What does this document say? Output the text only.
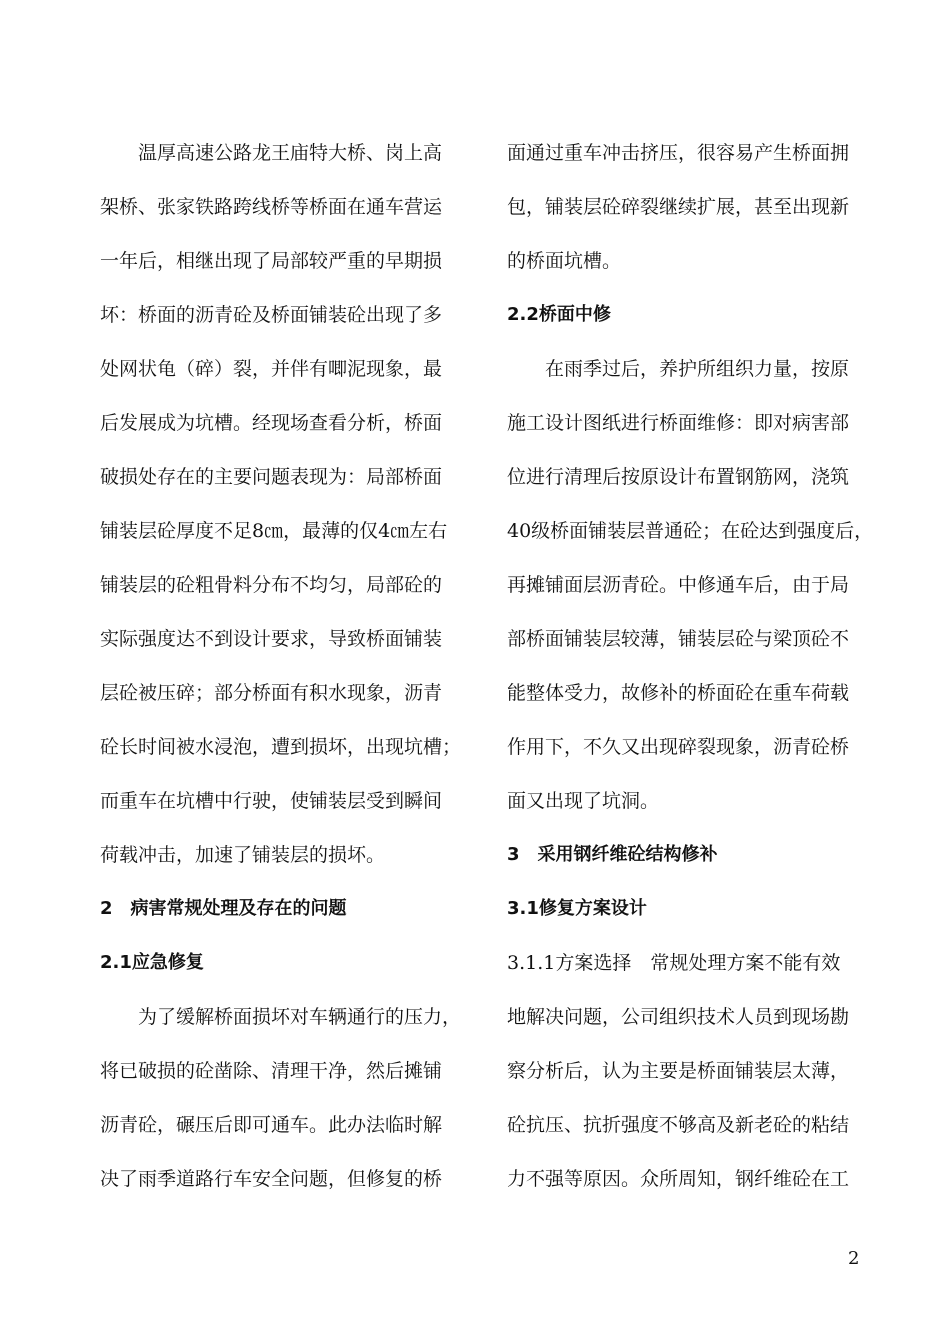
　　温厚高速公路龙王庙特大桥、岗上高
架桥、张家铁路跨线桥等桥面在通车营运
一年后，相继出现了局部较严重的早期损
坏：桥面的沥青砼及桥面铺装砼出现了多
处网状龟（碎）裂，并伴有唧泥现象，最
后发展成为坑槽。经现场查看分析，桥面
破损处存在的主要问题表现为：局部桥面
铺装层砼厚度不足8㎝，最薄的仅4㎝左右
铺装层的砼粗骨料分布不均匀，局部砼的
实际强度达不到设计要求，导致桥面铺装
层砼被压碎；部分桥面有积水现象，沥青
砼长时间被水浸泡，遭到损坏，出现坑槽；
而重车在坑槽中行驶，使铺装层受到瞬间
荷载冲击，加速了铺装层的损坏。
2　病害常规处理及存在的问题
2.1应急修复
　　为了缓解桥面损坏对车辆通行的压力，
将已破损的砼凿除、清理干净，然后摊铺
沥青砼，碾压后即可通车。此办法临时解
决了雨季道路行车安全问题，但修复的桥
面通过重车冲击挤压，很容易产生桥面拥
包，铺装层砼碎裂继续扩展，甚至出现新
的桥面坑槽。
2.2桥面中修
　　在雨季过后，养护所组织力量，按原
施工设计图纸进行桥面维修：即对病害部
位进行清理后按原设计布置钢筋网，浇筑
40级桥面铺装层普通砼；在砼达到强度后，
再摊铺面层沥青砼。中修通车后，由于局
部桥面铺装层较薄，铺装层砼与梁顶砼不
能整体受力，故修补的桥面砼在重车荷载
作用下，不久又出现碎裂现象，沥青砼桥
面又出现了坑洞。
3　采用钢纤维砼结构修补
3.1修复方案设计
3.1.1方案选择　常规处理方案不能有效
地解决问题，公司组织技术人员到现场勘
察分析后，认为主要是桥面铺装层太薄，
砼抗压、抗折强度不够高及新老砼的粘结
力不强等原因。众所周知，钢纤维砼在工
2
